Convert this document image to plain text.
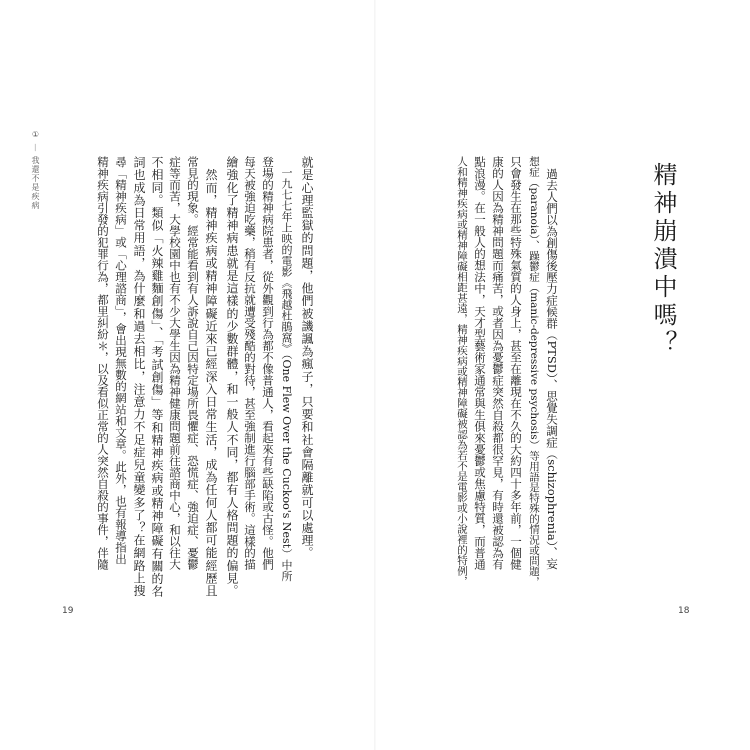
① — 我還不是疾病	精神崩潰中嗎？
過去人們以為創傷後壓力症候群（PTSD）、思覺失調症（schizophrenia）、妄
想症（paranoia）、躁鬱症（manic-depressive psychosis）等用語是特殊的情況或問題，
只會發生在那些特殊氣質的人身上，甚至在離現在不久的大約四十多年前，一個健
康的人因為精神問題而痛苦，或者因為憂鬱症突然自殺都很罕見，有時還被認為有
點浪漫。在一般人的想法中，天才型藝術家通常與生俱來憂鬱或焦慮特質，而普通
人和精神疾病或精神障礙相距甚遠，精神疾病或精神障礙被認為若不是電影或小說裡的特例，
18
就是心理監獄的問題，他們被譏諷為瘋子，只要和社會隔離就可以處理。
　一九七七年上映的電影《飛越杜鵑窩》（One Flew Over the Cuckoo's Nest）中所
登場的精神病院患者，從外觀到行為都不像普通人，看起來有些缺陷或古怪。他們
每天被強迫吃藥，稍有反抗就遭受殘酷的對待，甚至強制進行腦部手術。這樣的描
繪強化了精神病患就是這樣的少數群體，和一般人不同，都有人格問題的偏見。
　然而，精神疾病或精神障礙近來已經深入日常生活，成為任何人都可能經歷且
常見的現象。經常能看到有人訴說自己因特定場所畏懼症、恐慌症、強迫症、憂鬱
症等而苦，大學校園中也有不少大學生因為精神健康問題前往諮商中心，和以往大
不相同。類似「火辣雞麵創傷」、「考試創傷」等和精神疾病或精神障礙有關的名
詞也成為日常用語，為什麼和過去相比，注意力不足症兒童變多了？在網路上搜
尋「精神疾病」或「心理諮商」，會出現無數的網站和文章。此外，也有報導指出
精神疾病引發的犯罪行為，都里糾紛＊，以及看似正常的人突然自殺的事件，伴隨
19
